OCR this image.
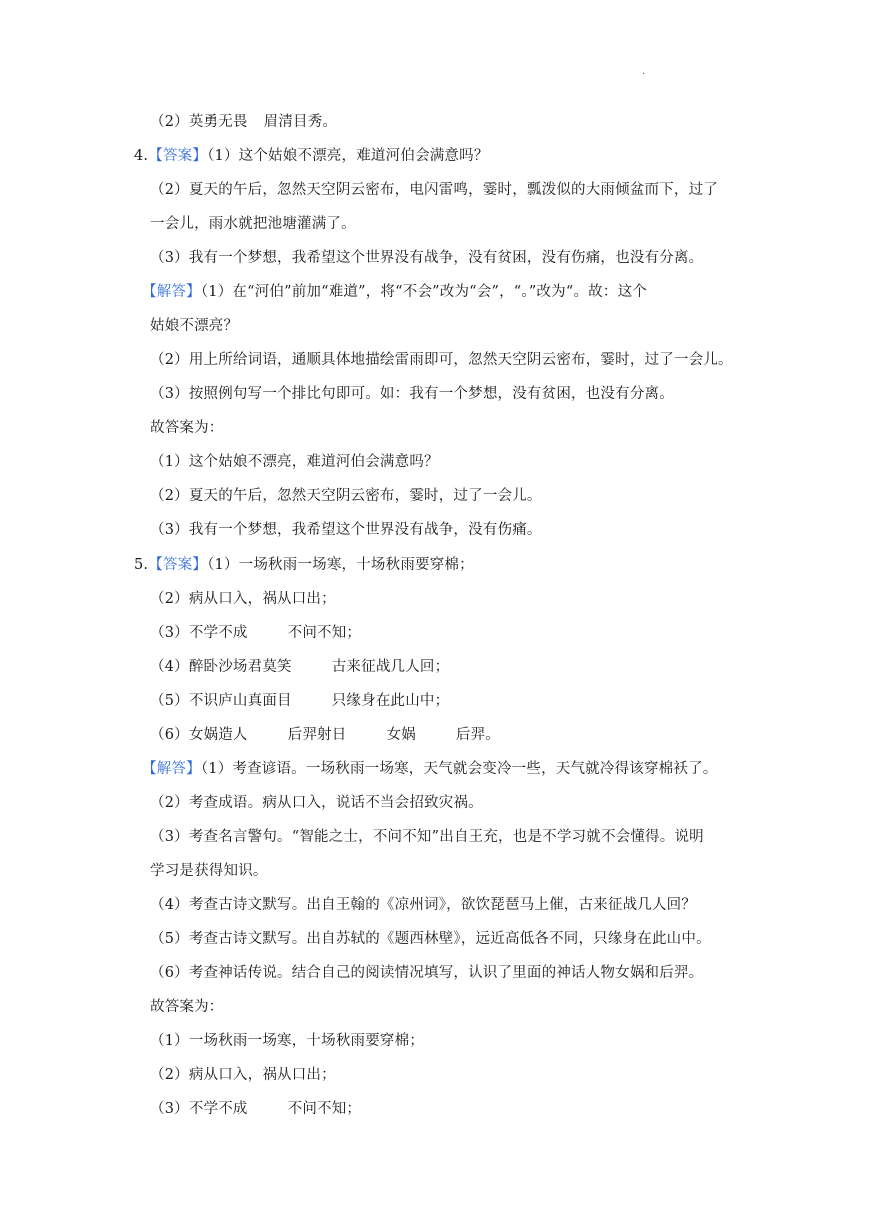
.
（2）英勇无畏 眉清目秀。
4.【答案】（1）这个姑娘不漂亮，难道河伯会满意吗？
（2）夏天的午后，忽然天空阴云密布，电闪雷鸣，霎时，瓢泼似的大雨倾盆而下，过了
一会儿，雨水就把池塘灌满了。
（3）我有一个梦想，我希望这个世界没有战争，没有贫困，没有伤痛，也没有分离。
【解答】（1）在“河伯”前加“难道”，将“不会”改为“会”，“。”改为“。故：这个
姑娘不漂亮？
（2）用上所给词语，通顺具体地描绘雷雨即可，忽然天空阴云密布，霎时，过了一会儿。
（3）按照例句写一个排比句即可。如：我有一个梦想，没有贫困，也没有分离。
故答案为：
（1）这个姑娘不漂亮，难道河伯会满意吗？
（2）夏天的午后，忽然天空阴云密布，霎时，过了一会儿。
（3）我有一个梦想，我希望这个世界没有战争，没有伤痛。
5.【答案】（1）一场秋雨一场寒，十场秋雨要穿棉；
（2）病从口入，祸从口出；
（3）不学不成	不问不知；
（4）醉卧沙场君莫笑	古来征战几人回；
（5）不识庐山真面目	只缘身在此山中；
（6）女娲造人	后羿射日	女娲	后羿。
【解答】（1）考查谚语。一场秋雨一场寒，天气就会变冷一些，天气就冷得该穿棉袄了。
（2）考查成语。病从口入，说话不当会招致灾祸。
（3）考查名言警句。“智能之士，不问不知”出自王充，也是不学习就不会懂得。说明
学习是获得知识。
（4）考查古诗文默写。出自王翰的《凉州词》，欲饮琵琶马上催，古来征战几人回？
（5）考查古诗文默写。出自苏轼的《题西林壁》，远近高低各不同，只缘身在此山中。
（6）考查神话传说。结合自己的阅读情况填写，认识了里面的神话人物女娲和后羿。
故答案为：
（1）一场秋雨一场寒，十场秋雨要穿棉；
（2）病从口入，祸从口出；
（3）不学不成	不问不知；
